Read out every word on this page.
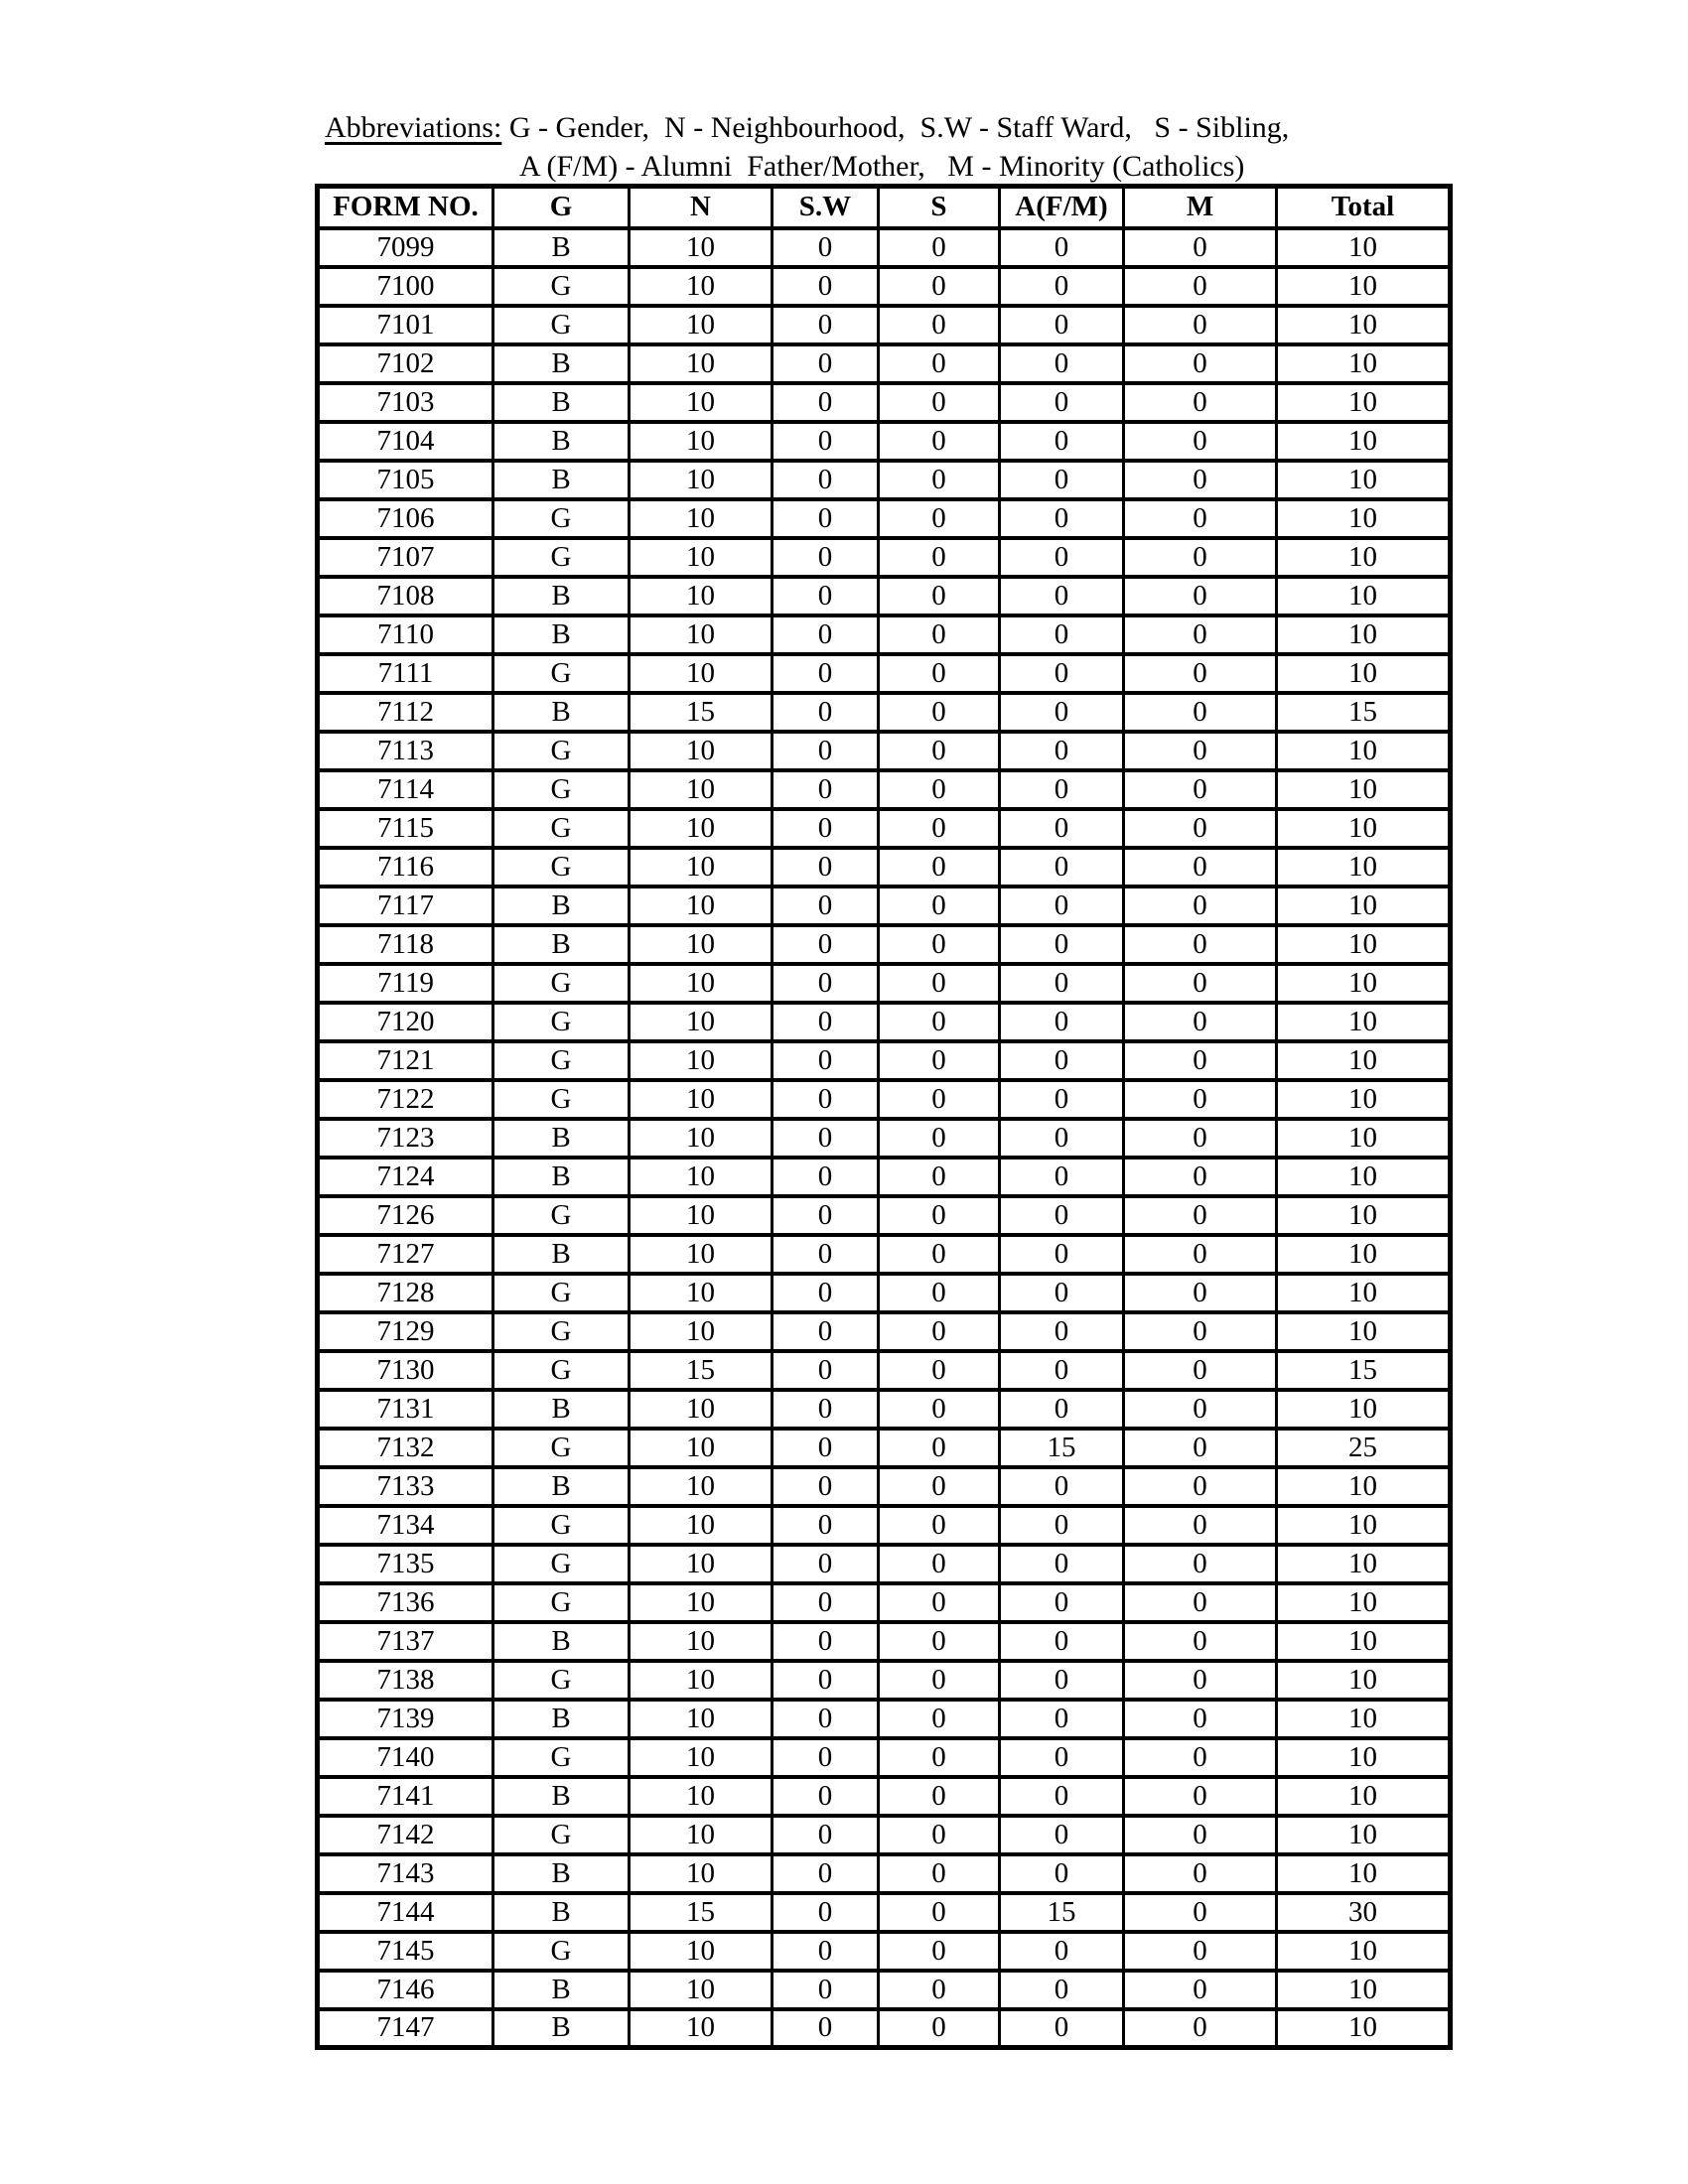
Abbreviations: G - Gender,  N - Neighbourhood,  S.W - Staff Ward,   S - Sibling,
A (F/M) - Alumni  Father/Mother,   M - Minority (Catholics)
FORM NO.	G	N	S.W	S	A(F/M)	M	Total
7099	B	10	0	0	0	0	10
7100	G	10	0	0	0	0	10
7101	G	10	0	0	0	0	10
7102	B	10	0	0	0	0	10
7103	B	10	0	0	0	0	10
7104	B	10	0	0	0	0	10
7105	B	10	0	0	0	0	10
7106	G	10	0	0	0	0	10
7107	G	10	0	0	0	0	10
7108	B	10	0	0	0	0	10
7110	B	10	0	0	0	0	10
7111	G	10	0	0	0	0	10
7112	B	15	0	0	0	0	15
7113	G	10	0	0	0	0	10
7114	G	10	0	0	0	0	10
7115	G	10	0	0	0	0	10
7116	G	10	0	0	0	0	10
7117	B	10	0	0	0	0	10
7118	B	10	0	0	0	0	10
7119	G	10	0	0	0	0	10
7120	G	10	0	0	0	0	10
7121	G	10	0	0	0	0	10
7122	G	10	0	0	0	0	10
7123	B	10	0	0	0	0	10
7124	B	10	0	0	0	0	10
7126	G	10	0	0	0	0	10
7127	B	10	0	0	0	0	10
7128	G	10	0	0	0	0	10
7129	G	10	0	0	0	0	10
7130	G	15	0	0	0	0	15
7131	B	10	0	0	0	0	10
7132	G	10	0	0	15	0	25
7133	B	10	0	0	0	0	10
7134	G	10	0	0	0	0	10
7135	G	10	0	0	0	0	10
7136	G	10	0	0	0	0	10
7137	B	10	0	0	0	0	10
7138	G	10	0	0	0	0	10
7139	B	10	0	0	0	0	10
7140	G	10	0	0	0	0	10
7141	B	10	0	0	0	0	10
7142	G	10	0	0	0	0	10
7143	B	10	0	0	0	0	10
7144	B	15	0	0	15	0	30
7145	G	10	0	0	0	0	10
7146	B	10	0	0	0	0	10
7147	B	10	0	0	0	0	10
